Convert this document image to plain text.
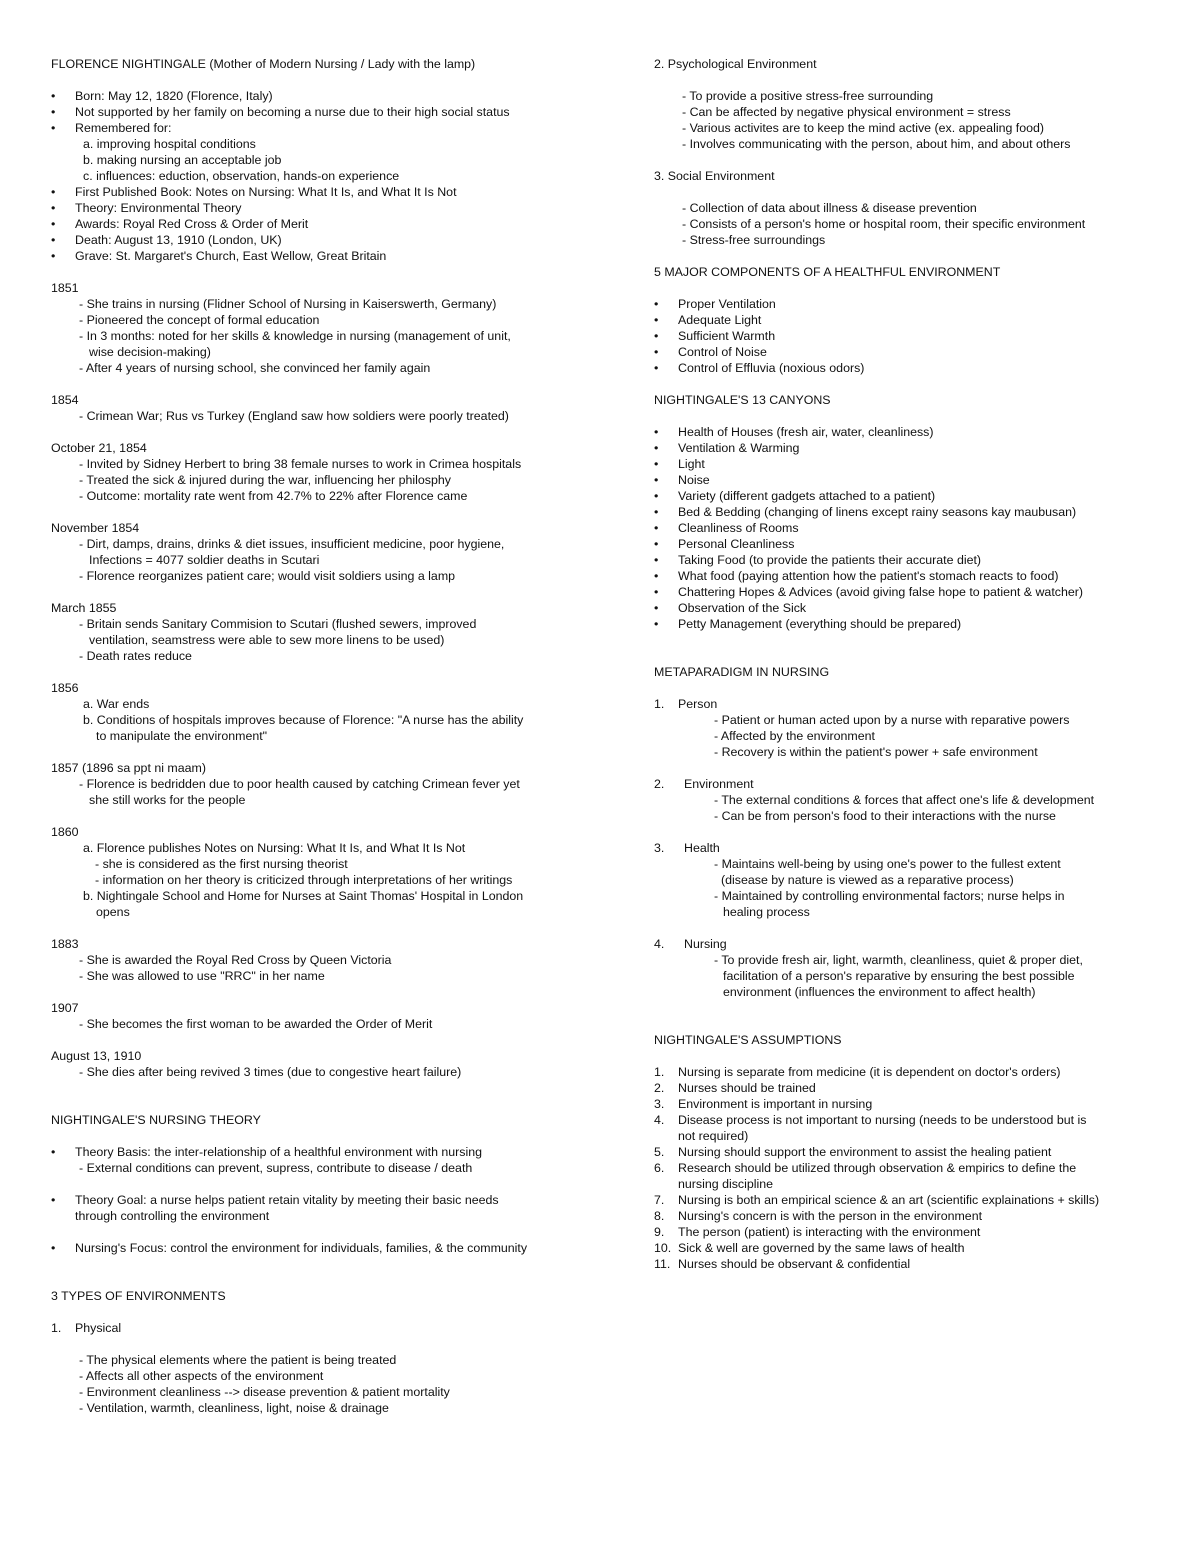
FLORENCE NIGHTINGALE (Mother of Modern Nursing / Lady with the lamp)

• Born: May 12, 1820 (Florence, Italy)
• Not supported by her family on becoming a nurse due to their high social status
• Remembered for:
a. improving hospital conditions
b. making nursing an acceptable job
c. influences: eduction, observation, hands-on experience
• First Published Book: Notes on Nursing: What It Is, and What It Is Not
• Theory: Environmental Theory
• Awards: Royal Red Cross & Order of Merit
• Death: August 13, 1910 (London, UK)
• Grave: St. Margaret's Church, East Wellow, Great Britain
1851
- She trains in nursing (Flidner School of Nursing in Kaiserswerth, Germany)
- Pioneered the concept of formal education
- In 3 months: noted for her skills & knowledge in nursing (management of unit,
wise decision-making)
- After 4 years of nursing school, she convinced her family again
1854
- Crimean War; Rus vs Turkey (England saw how soldiers were poorly treated)
October 21, 1854
- Invited by Sidney Herbert to bring 38 female nurses to work in Crimea hospitals
- Treated the sick & injured during the war, influencing her philosphy
- Outcome: mortality rate went from 42.7% to 22% after Florence came
November 1854
- Dirt, damps, drains, drinks & diet issues, insufficient medicine, poor hygiene,
Infections = 4077 soldier deaths in Scutari
- Florence reorganizes patient care; would visit soldiers using a lamp
March 1855
- Britain sends Sanitary Commision to Scutari (flushed sewers, improved
ventilation, seamstress were able to sew more linens to be used)
- Death rates reduce
1856
a. War ends
b. Conditions of hospitals improves because of Florence: "A nurse has the ability
to manipulate the environment"
1857 (1896 sa ppt ni maam)
- Florence is bedridden due to poor health caused by catching Crimean fever yet
she still works for the people
1860
a. Florence publishes Notes on Nursing: What It Is, and What It Is Not
- she is considered as the first nursing theorist
- information on her theory is criticized through interpretations of her writings
b. Nightingale School and Home for Nurses at Saint Thomas' Hospital in London
opens
1883
- She is awarded the Royal Red Cross by Queen Victoria
- She was allowed to use "RRC" in her name
1907
- She becomes the first woman to be awarded the Order of Merit
August 13, 1910
- She dies after being revived 3 times (due to congestive heart failure)

NIGHTINGALE'S NURSING THEORY

• Theory Basis: the inter-relationship of a healthful environment with nursing
- External conditions can prevent, supress, contribute to disease / death
• Theory Goal: a nurse helps patient retain vitality by meeting their basic needs
through controlling the environment
• Nursing's Focus: control the environment for individuals, families, & the community

3 TYPES OF ENVIRONMENTS

1. Physical
- The physical elements where the patient is being treated
- Affects all other aspects of the environment
- Environment cleanliness --> disease prevention & patient mortality
- Ventilation, warmth, cleanliness, light, noise & drainage

2. Psychological Environment

- To provide a positive stress-free surrounding
- Can be affected by negative physical environment = stress
- Various activites are to keep the mind active (ex. appealing food)
- Involves communicating with the person, about him, and about others

3. Social Environment

- Collection of data about illness & disease prevention
- Consists of a person's home or hospital room, their specific environment
- Stress-free surroundings

5 MAJOR COMPONENTS OF A HEALTHFUL ENVIRONMENT

• Proper Ventilation
• Adequate Light
• Sufficient Warmth
• Control of Noise
• Control of Effluvia (noxious odors)

NIGHTINGALE'S 13 CANYONS

• Health of Houses (fresh air, water, cleanliness)
• Ventilation & Warming
• Light
• Noise
• Variety (different gadgets attached to a patient)
• Bed & Bedding (changing of linens except rainy seasons kay maubusan)
• Cleanliness of Rooms
• Personal Cleanliness
• Taking Food (to provide the patients their accurate diet)
• What food (paying attention how the patient's stomach reacts to food)
• Chattering Hopes & Advices (avoid giving false hope to patient & watcher)
• Observation of the Sick
• Petty Management (everything should be prepared)

METAPARADIGM IN NURSING

1. Person
- Patient or human acted upon by a nurse with reparative powers
- Affected by the environment
- Recovery is within the patient's power + safe environment
2. Environment
- The external conditions & forces that affect one's life & development
- Can be from person's food to their interactions with the nurse
3. Health
- Maintains well-being by using one's power to the fullest extent
(disease by nature is viewed as a reparative process)
- Maintained by controlling environmental factors; nurse helps in
healing process
4. Nursing
- To provide fresh air, light, warmth, cleanliness, quiet & proper diet,
facilitation of a person's reparative by ensuring the best possible
environment (influences the environment to affect health)

NIGHTINGALE'S ASSUMPTIONS

1. Nursing is separate from medicine (it is dependent on doctor's orders)
2. Nurses should be trained
3. Environment is important in nursing
4. Disease process is not important to nursing (needs to be understood but is
not required)
5. Nursing should support the environment to assist the healing patient
6. Research should be utilized through observation & empirics to define the
nursing discipline
7. Nursing is both an empirical science & an art (scientific explainations + skills)
8. Nursing's concern is with the person in the environment
9. The person (patient) is interacting with the environment
10. Sick & well are governed by the same laws of health
11. Nurses should be observant & confidential
